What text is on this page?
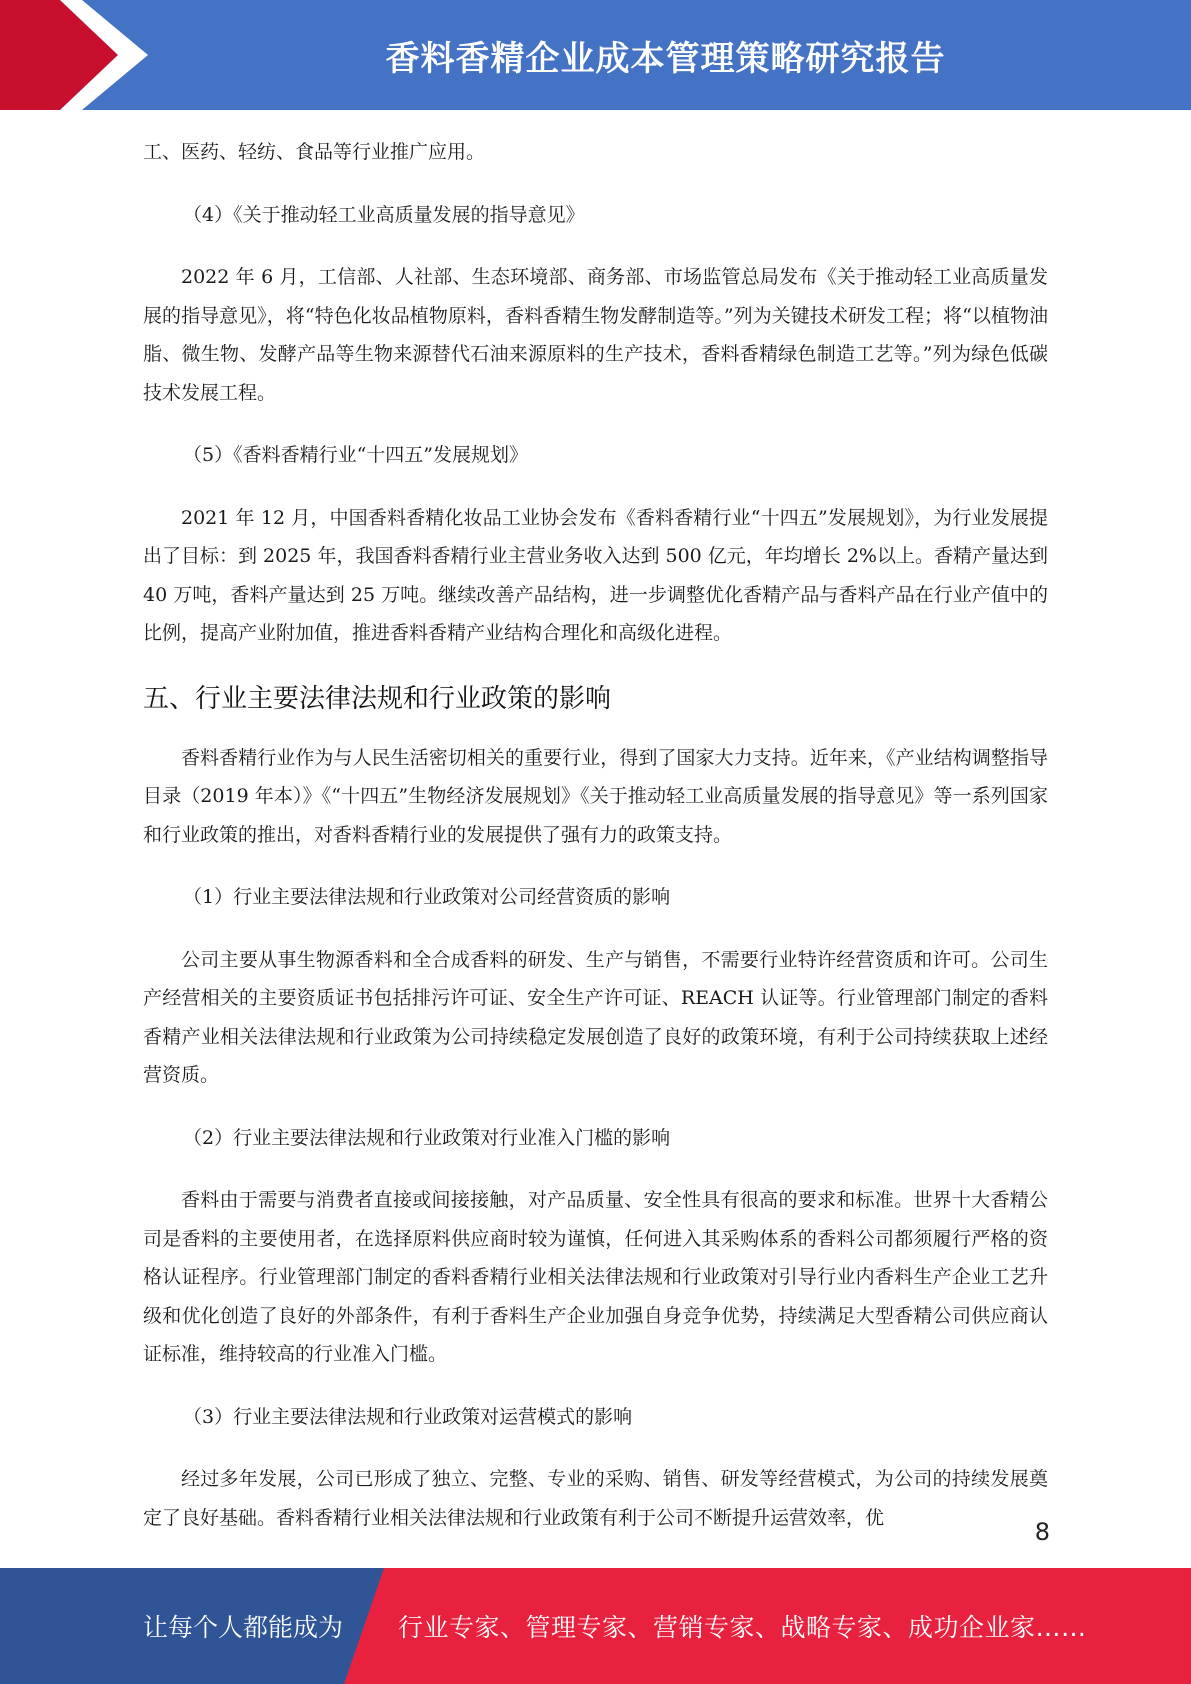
香料香精企业成本管理策略研究报告

工、医药、轻纺、食品等行业推广应用。

（4）《关于推动轻工业高质量发展的指导意见》

2022 年 6 月，工信部、人社部、生态环境部、商务部、市场监管总局发布《关于推动轻工业高质量发展的指导意见》，将“特色化妆品植物原料，香料香精生物发酵制造等。”列为关键技术研发工程；将“以植物油脂、微生物、发酵产品等生物来源替代石油来源原料的生产技术，香料香精绿色制造工艺等。”列为绿色低碳技术发展工程。

（5）《香料香精行业“十四五”发展规划》

2021 年 12 月，中国香料香精化妆品工业协会发布《香料香精行业“十四五”发展规划》，为行业发展提出了目标：到 2025 年，我国香料香精行业主营业务收入达到 500 亿元，年均增长 2%以上。香精产量达到 40 万吨，香料产量达到 25 万吨。继续改善产品结构，进一步调整优化香精产品与香料产品在行业产值中的比例，提高产业附加值，推进香料香精产业结构合理化和高级化进程。

五、行业主要法律法规和行业政策的影响

香料香精行业作为与人民生活密切相关的重要行业，得到了国家大力支持。近年来，《产业结构调整指导目录（2019 年本）》《“十四五”生物经济发展规划》《关于推动轻工业高质量发展的指导意见》等一系列国家和行业政策的推出，对香料香精行业的发展提供了强有力的政策支持。

（1）行业主要法律法规和行业政策对公司经营资质的影响

公司主要从事生物源香料和全合成香料的研发、生产与销售，不需要行业特许经营资质和许可。公司生产经营相关的主要资质证书包括排污许可证、安全生产许可证、REACH 认证等。行业管理部门制定的香料香精产业相关法律法规和行业政策为公司持续稳定发展创造了良好的政策环境，有利于公司持续获取上述经营资质。

（2）行业主要法律法规和行业政策对行业准入门槛的影响

香料由于需要与消费者直接或间接接触，对产品质量、安全性具有很高的要求和标准。世界十大香精公司是香料的主要使用者，在选择原料供应商时较为谨慎，任何进入其采购体系的香料公司都须履行严格的资格认证程序。行业管理部门制定的香料香精行业相关法律法规和行业政策对引导行业内香料生产企业工艺升级和优化创造了良好的外部条件，有利于香料生产企业加强自身竞争优势，持续满足大型香精公司供应商认证标准，维持较高的行业准入门槛。

（3）行业主要法律法规和行业政策对运营模式的影响

经过多年发展，公司已形成了独立、完整、专业的采购、销售、研发等经营模式，为公司的持续发展奠定了良好基础。香料香精行业相关法律法规和行业政策有利于公司不断提升运营效率，优

8
让每个人都能成为 行业专家、管理专家、营销专家、战略专家、成功企业家……
